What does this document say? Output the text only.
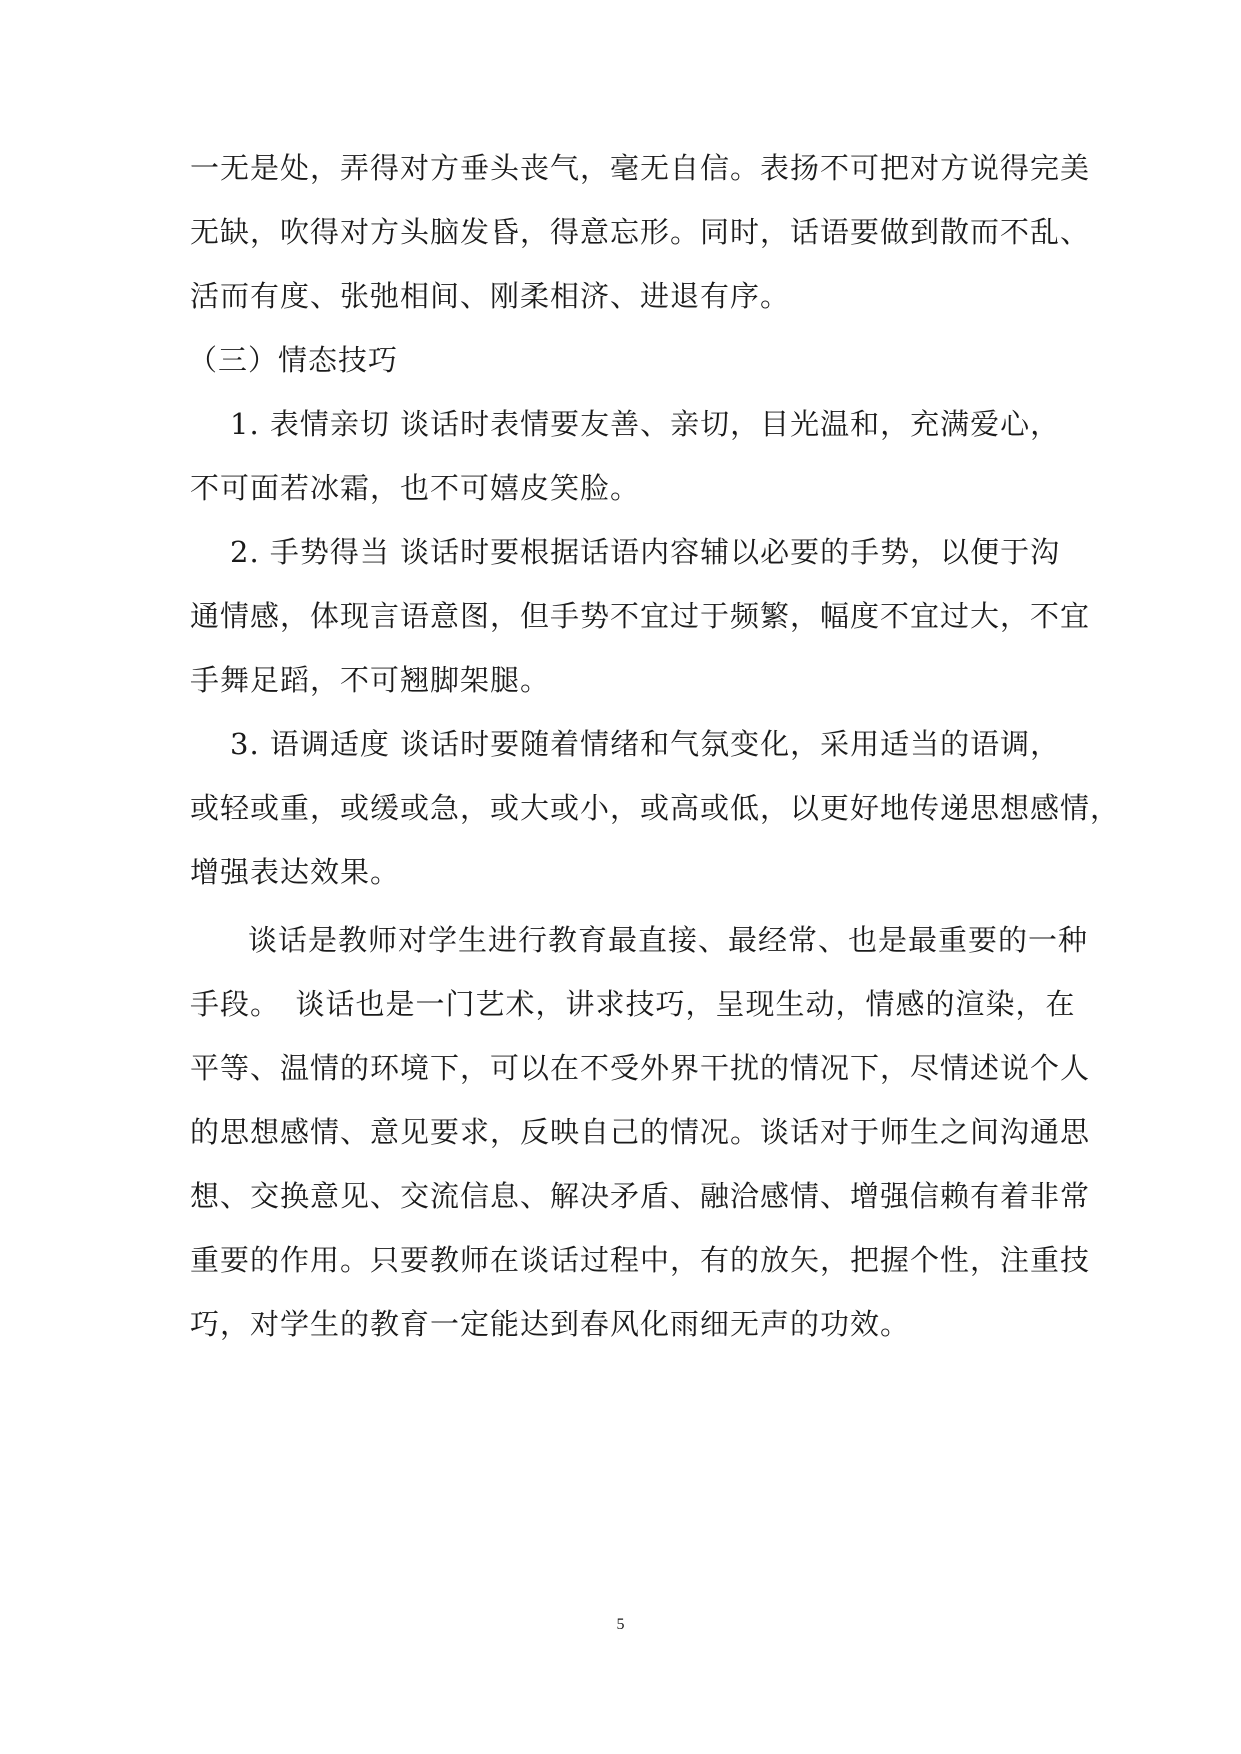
一无是处，弄得对方垂头丧气，毫无自信。表扬不可把对方说得完美
无缺，吹得对方头脑发昏，得意忘形。同时，话语要做到散而不乱、
活而有度、张弛相间、刚柔相济、进退有序。
（三）情态技巧
1. 表情亲切 谈话时表情要友善、亲切，目光温和，充满爱心，
不可面若冰霜，也不可嬉皮笑脸。
2. 手势得当 谈话时要根据话语内容辅以必要的手势，以便于沟
通情感，体现言语意图，但手势不宜过于频繁，幅度不宜过大，不宜
手舞足蹈，不可翘脚架腿。
3. 语调适度 谈话时要随着情绪和气氛变化，采用适当的语调，
或轻或重，或缓或急，或大或小，或高或低，以更好地传递思想感情，
增强表达效果。
谈话是教师对学生进行教育最直接、最经常、也是最重要的一种
手段。　谈话也是一门艺术，讲求技巧，呈现生动，情感的渲染，在
平等、温情的环境下，可以在不受外界干扰的情况下，尽情述说个人
的思想感情、意见要求，反映自己的情况。谈话对于师生之间沟通思
想、交换意见、交流信息、解决矛盾、融洽感情、增强信赖有着非常
重要的作用。只要教师在谈话过程中，有的放矢，把握个性，注重技
巧，对学生的教育一定能达到春风化雨细无声的功效。
5
